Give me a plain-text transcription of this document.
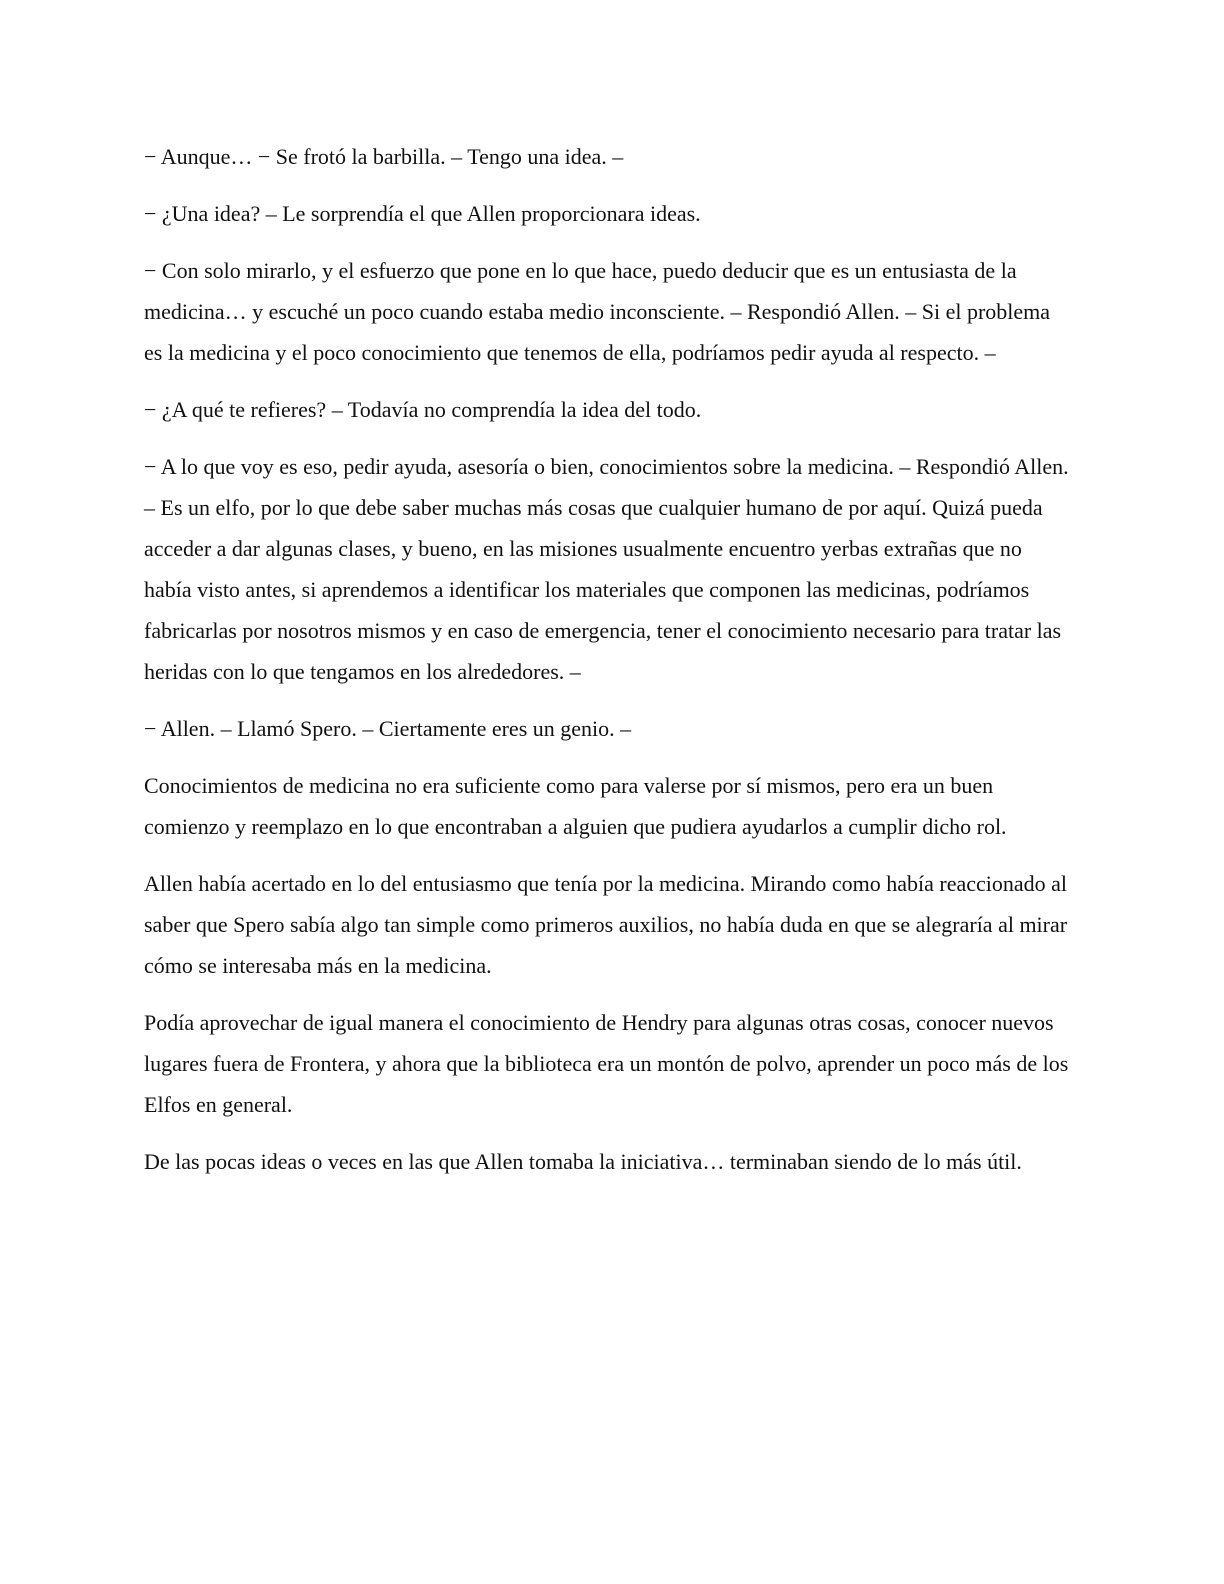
− Aunque… − Se frotó la barbilla. – Tengo una idea. –

− ¿Una idea? – Le sorprendía el que Allen proporcionara ideas.

− Con solo mirarlo, y el esfuerzo que pone en lo que hace, puedo deducir que es un entusiasta de la medicina… y escuché un poco cuando estaba medio inconsciente. – Respondió Allen. – Si el problema es la medicina y el poco conocimiento que tenemos de ella, podríamos pedir ayuda al respecto. –

− ¿A qué te refieres? – Todavía no comprendía la idea del todo.

− A lo que voy es eso, pedir ayuda, asesoría o bien, conocimientos sobre la medicina. – Respondió Allen. – Es un elfo, por lo que debe saber muchas más cosas que cualquier humano de por aquí. Quizá pueda acceder a dar algunas clases, y bueno, en las misiones usualmente encuentro yerbas extrañas que no había visto antes, si aprendemos a identificar los materiales que componen las medicinas, podríamos fabricarlas por nosotros mismos y en caso de emergencia, tener el conocimiento necesario para tratar las heridas con lo que tengamos en los alrededores. –

− Allen. – Llamó Spero. – Ciertamente eres un genio. –

Conocimientos de medicina no era suficiente como para valerse por sí mismos, pero era un buen comienzo y reemplazo en lo que encontraban a alguien que pudiera ayudarlos a cumplir dicho rol.

Allen había acertado en lo del entusiasmo que tenía por la medicina. Mirando como había reaccionado al saber que Spero sabía algo tan simple como primeros auxilios, no había duda en que se alegraría al mirar cómo se interesaba más en la medicina.

Podía aprovechar de igual manera el conocimiento de Hendry para algunas otras cosas, conocer nuevos lugares fuera de Frontera, y ahora que la biblioteca era un montón de polvo, aprender un poco más de los Elfos en general.

De las pocas ideas o veces en las que Allen tomaba la iniciativa… terminaban siendo de lo más útil.
